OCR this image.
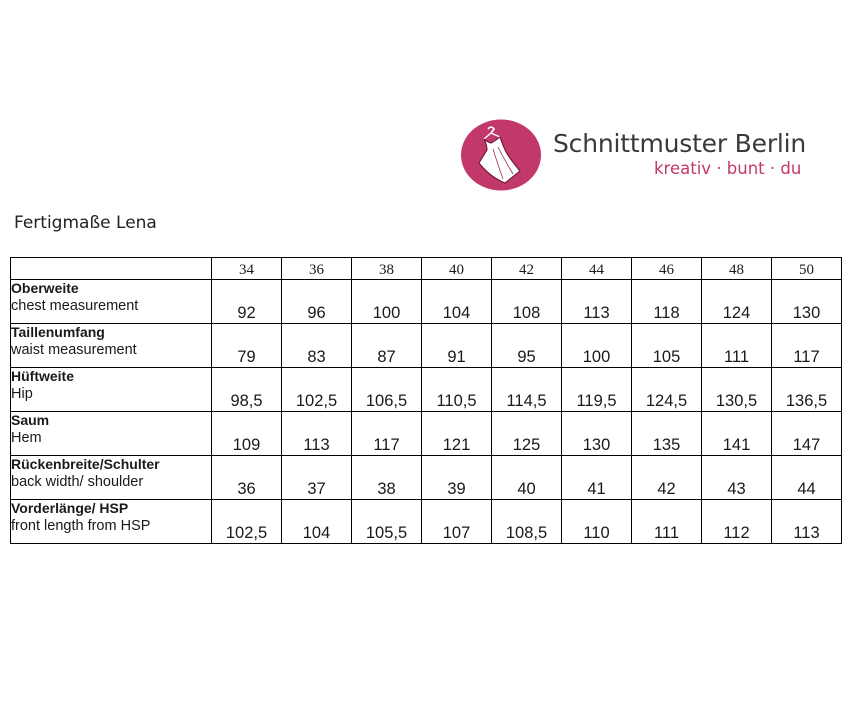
Schnittmuster Berlin
kreativ · bunt · du
Fertigmaße Lena
	34	36	38	40	42	44	46	48	50

Oberweite
chest measurement	92	96	100	104	108	113	118	124	130

Taillenumfang
waist measurement	79	83	87	91	95	100	105	111	117

Hüftweite
Hip	98,5	102,5	106,5	110,5	114,5	119,5	124,5	130,5	136,5

Saum
Hem	109	113	117	121	125	130	135	141	147

Rückenbreite/Schulter
back width/ shoulder	36	37	38	39	40	41	42	43	44

Vorderlänge/ HSP
front length from HSP	102,5	104	105,5	107	108,5	110	111	112	113
